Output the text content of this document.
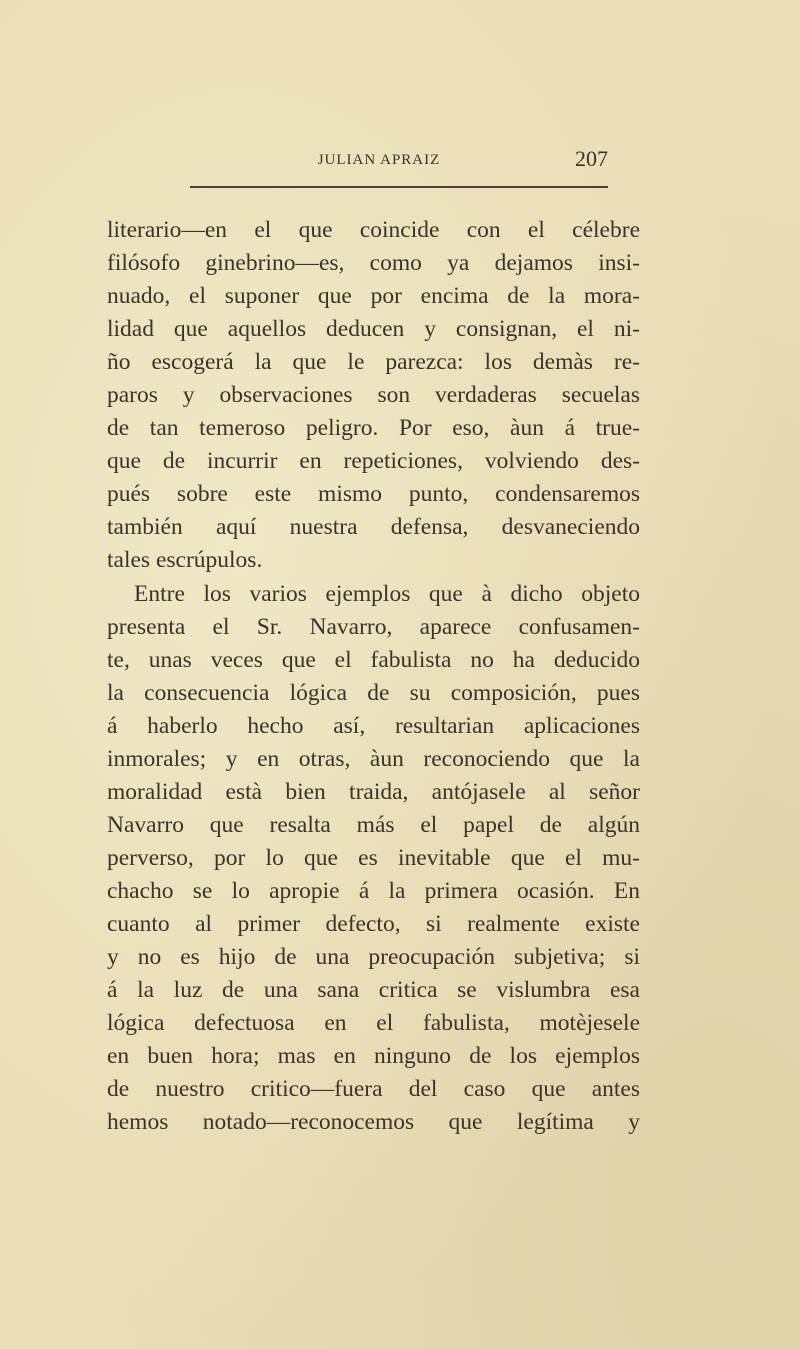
JULIAN APRAIZ	207
literario—en el que coincide con el célebre
filósofo ginebrino—es, como ya dejamos insi-
nuado, el suponer que por encima de la mora-
lidad que aquellos deducen y consignan, el ni-
ño escogerá la que le parezca: los demàs re-
paros y observaciones son verdaderas secuelas
de tan temeroso peligro. Por eso, àun á true-
que de incurrir en repeticiones, volviendo des-
pués sobre este mismo punto, condensaremos
también aquí nuestra defensa, desvaneciendo
tales escrúpulos.
Entre los varios ejemplos que à dicho objeto
presenta el Sr. Navarro, aparece confusamen-
te, unas veces que el fabulista no ha deducido
la consecuencia lógica de su composición, pues
á haberlo hecho así, resultarian aplicaciones
inmorales; y en otras, àun reconociendo que la
moralidad està bien traida, antójasele al señor
Navarro que resalta más el papel de algún
perverso, por lo que es inevitable que el mu-
chacho se lo apropie á la primera ocasión. En
cuanto al primer defecto, si realmente existe
y no es hijo de una preocupación subjetiva; si
á la luz de una sana critica se vislumbra esa
lógica defectuosa en el fabulista, motèjesele
en buen hora; mas en ninguno de los ejemplos
de nuestro critico—fuera del caso que antes
hemos notado—reconocemos que legítima y
